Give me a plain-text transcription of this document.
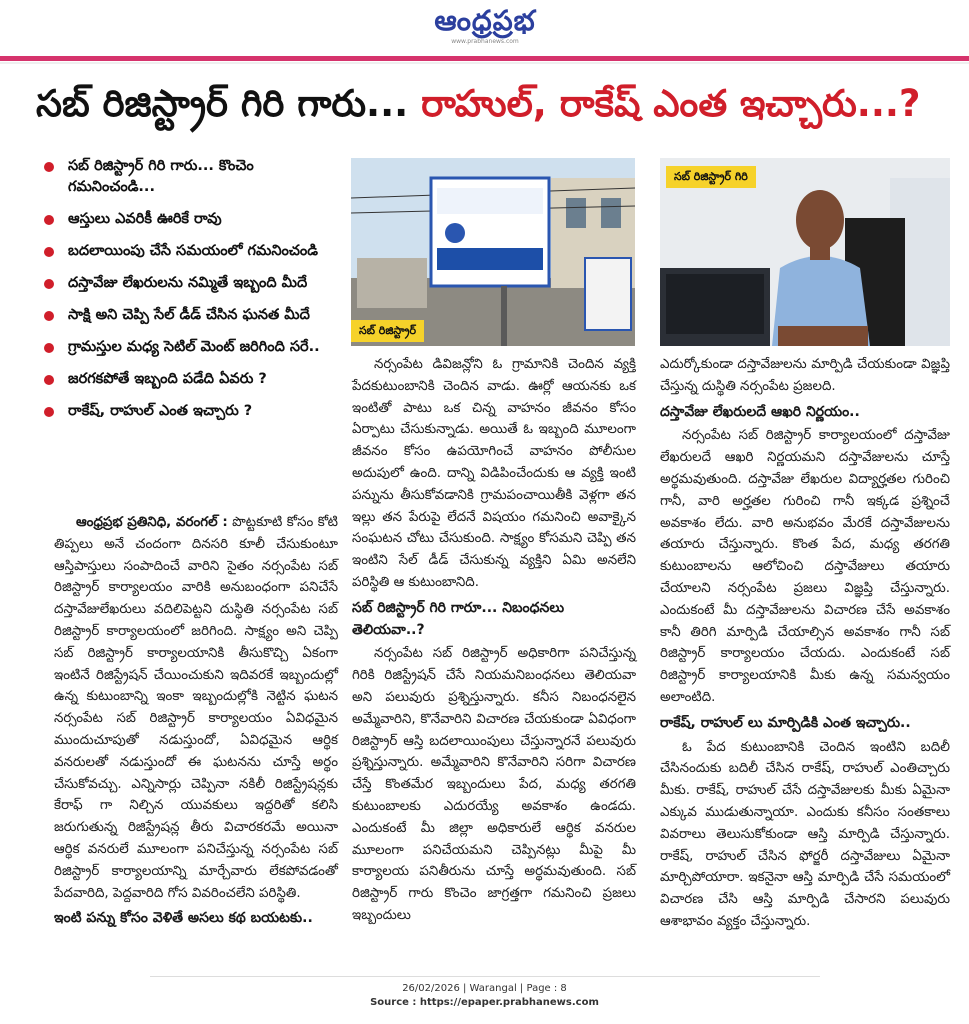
ఆంధ్రప్రభ
www.prabhanews.com
సబ్ రిజిస్ట్రార్ గిరి గారు... రాహుల్, రాకేష్ ఎంత ఇచ్చారు...?
సబ్ రిజిస్ట్రార్ గిరి గారు... కొంచెం గమనించండి...
ఆస్తులు ఎవరికీ ఊరికే రావు
బదలాయింపు చేసే సమయంలో గమనించండి
దస్తావేజు లేఖరులను నమ్మితే ఇబ్బంది మీదే
సాక్షి అని చెప్పి సేల్ డీడ్ చేసిన ఘనత మీదే
గ్రామస్తుల మధ్య సెటిల్ మెంట్ జరిగింది సరే..
జరగకపోతే ఇబ్బంది పడేది ఏవరు ?
రాకేష్, రాహుల్ ఎంత ఇచ్చారు ?
సబ్ రిజిస్ట్రార్
సబ్ రిజిస్ట్రార్ గిరి

ఆంధ్రప్రభ ప్రతినిధి, వరంగల్ : పొట్టకూటి కోసం కోటి తిప్పలు అనే చందంగా దినసరి కూలీ చేసుకుంటూ ఆస్తిపాస్తులు సంపాదించే వారిని సైతం నర్సంపేట సబ్ రిజిస్ట్రార్ కార్యాలయం వారికి అనుబంధంగా పనిచేసే దస్తావేజులేఖరులు వదిలిపెట్టని దుస్థితి నర్సంపేట సబ్ రిజిస్ట్రార్ కార్యాలయంలో జరిగింది. సాక్ష్యం అని చెప్పి సబ్ రిజిస్ట్రార్ కార్యాలయానికి తీసుకొచ్చి ఏకంగా ఇంటినే రిజిస్ట్రేషన్ చేయించుకుని ఇదివరకే ఇబ్బందుల్లో ఉన్న కుటుంబాన్ని ఇంకా ఇబ్బందుల్లోకి నెట్టిన ఘటన నర్సంపేట సబ్ రిజిస్ట్రార్ కార్యాలయం ఏవిధమైన ముందుచూపుతో నడుస్తుందో, ఏవిధమైన ఆర్థిక వనరులతో నడుస్తుందో ఈ ఘటనను చూస్తే అర్థం చేసుకోవచ్చు. ఎన్నిసార్లు చెప్పినా నకిలీ రిజిస్ట్రేషన్లకు కేరాఫ్ గా నిల్చిన యువకులు ఇద్దరితో కలిసి జరుగుతున్న రిజిస్ట్రేషన్ల తీరు విచారకరమే అయినా ఆర్థిక వనరులే మూలంగా పనిచేస్తున్న నర్సంపేట సబ్ రిజిస్ట్రార్ కార్యాలయాన్ని మార్చేవారు లేకపోవడంతో పేదవారిది, పెద్దవారిది గోస వివరించలేని పరిస్థితి.

ఇంటి పన్ను కోసం వెళితే అసలు కథ బయటకు..

నర్సంపేట డివిజన్లోని ఓ గ్రామానికి చెందిన వ్యక్తి పేదకుటుంబానికి చెందిన వాడు. ఊర్లో ఆయనకు ఒక ఇంటితో పాటు ఒక చిన్న వాహనం జీవనం కోసం ఏర్పాటు చేసుకున్నాడు. అయితే ఓ ఇబ్బంది మూలంగా జీవనం కోసం ఉపయోగించే వాహనం పోలీసుల అదుపులో ఉంది. దాన్ని విడిపించేందుకు ఆ వ్యక్తి ఇంటి పన్నును తీసుకోవడానికి గ్రామపంచాయితీకి వెళ్లగా తన ఇల్లు తన పేరుపై లేదనే విషయం గమనించి అవాక్కైన సంఘటన చోటు చేసుకుంది. సాక్ష్యం కోసమని చెప్పి తన ఇంటిని సేల్ డీడ్ చేసుకున్న వ్యక్తిని ఏమి అనలేని పరిస్థితి ఆ కుటుంబానిది.

సబ్ రిజిస్ట్రార్ గిరి గారూ... నిబంధనలు తెలియవా..?

నర్సంపేట సబ్ రిజిస్ట్రార్ అధికారిగా పనిచేస్తున్న గిరికి రిజిస్ట్రేషన్ చేసే నియమనిబంధనలు తెలియవా అని పలువురు ప్రశ్నిస్తున్నారు. కనీస నిబంధనలైన అమ్మేవారిని, కొనేవారిని విచారణ చేయకుండా ఏవిధంగా రిజిస్ట్రార్ ఆస్తి బదలాయింపులు చేస్తున్నారనే పలువురు ప్రశ్నిస్తున్నారు. అమ్మేవారిని కొనేవారిని సరిగా విచారణ చేస్తే కొంతమేర ఇబ్బందులు పేద, మధ్య తరగతి కుటుంబాలకు ఎదురయ్యే అవకాశం ఉండదు. ఎందుకంటే మీ జిల్లా అధికారులే ఆర్థిక వనరుల మూలంగా పనిచేయమని చెప్పినట్లు మీపై మీ కార్యాలయ పనితీరును చూస్తే అర్థమవుతుంది. సబ్ రిజిస్ట్రార్ గారు కొంచెం జాగ్రత్తగా గమనించి ప్రజలు ఇబ్బందులు

ఎదుర్కోకుండా దస్తావేజులను మార్పిడి చేయకుండా విజ్ఞప్తి చేస్తున్న దుస్థితి నర్సంపేట ప్రజలది.

దస్తావేజు లేఖరులదే ఆఖరి నిర్ణయం..

నర్సంపేట సబ్ రిజిస్ట్రార్ కార్యాలయంలో దస్తావేజు లేఖరులదే ఆఖరి నిర్ణయమని దస్తావేజులను చూస్తే అర్థమవుతుంది. దస్తావేజు లేఖరుల విద్యార్హతల గురించి గానీ, వారి అర్హతల గురించి గానీ ఇక్కడ ప్రశ్నించే అవకాశం లేదు. వారి అనుభవం మేరకే దస్తావేజులను తయారు చేస్తున్నారు. కొంత పేద, మధ్య తరగతి కుటుంబాలను ఆలోచించి దస్తావేజులు తయారు చేయాలని నర్సంపేట ప్రజలు విజ్ఞప్తి చేస్తున్నారు. ఎందుకంటే మీ దస్తావేజులను విచారణ చేసే అవకాశం కానీ తిరిగి మార్పిడి చేయాల్సిన అవకాశం గానీ సబ్ రిజిస్ట్రార్ కార్యాలయం చేయదు. ఎందుకంటే సబ్ రిజిస్ట్రార్ కార్యాలయానికి మీకు ఉన్న సమన్వయం అలాంటిది.

రాకేష్, రాహుల్ లు మార్పిడికి ఎంత ఇచ్చారు..

ఓ పేద కుటుంబానికి చెందిన ఇంటిని బదిలీ చేసినందుకు బదిలీ చేసిన రాకేష్, రాహుల్ ఎంతిచ్చారు మీకు. రాకేష్, రాహుల్ చేసే దస్తావేజులకు మీకు ఏమైనా ఎక్కువ ముడుతున్నాయా. ఎందుకు కనీసం సంతకాలు వివరాలు తెలుసుకోకుండా ఆస్తి మార్పిడి చేస్తున్నారు. రాకేష్, రాహుల్ చేసిన ఫోర్జరీ దస్తావేజులు ఏమైనా మార్చిపోయారా. ఇకనైనా ఆస్తి మార్పిడి చేసే సమయంలో విచారణ చేసి ఆస్తి మార్పిడి చేసారని పలువురు ఆశాభావం వ్యక్తం చేస్తున్నారు.

26/02/2026 | Warangal | Page : 8
Source : https://epaper.prabhanews.com
